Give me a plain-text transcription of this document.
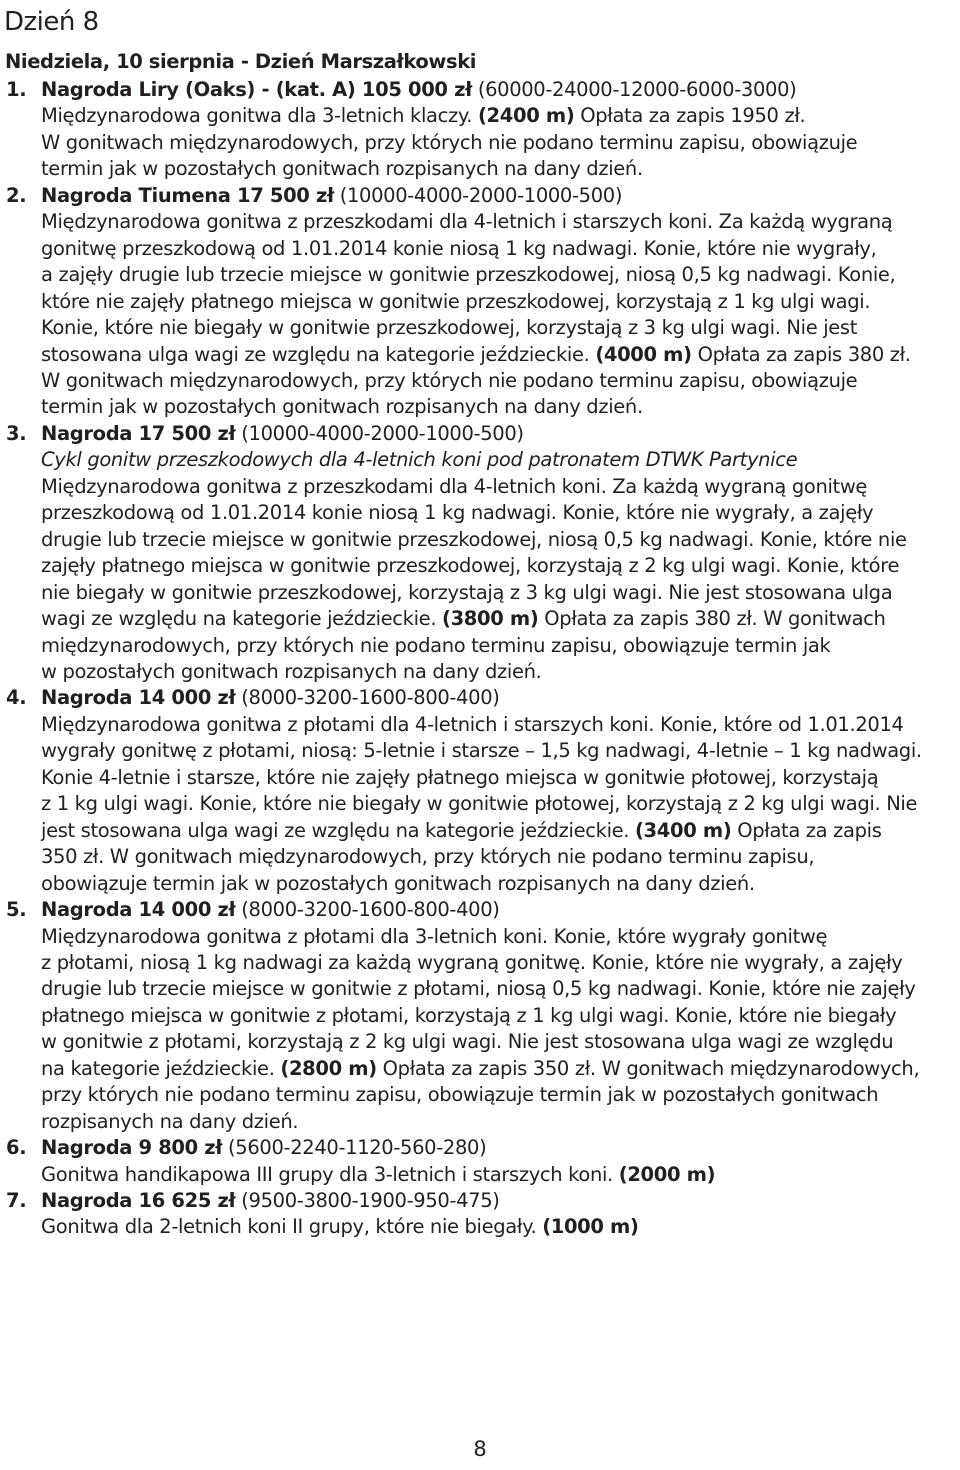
Dzień 8
Niedziela, 10 sierpnia - Dzień Marszałkowski
1. Nagroda Liry (Oaks) - (kat. A) 105 000 zł (60000-24000-12000-6000-3000)
Międzynarodowa gonitwa dla 3-letnich klaczy. (2400 m) Opłata za zapis 1950 zł.
W gonitwach międzynarodowych, przy których nie podano terminu zapisu, obowiązuje
termin jak w pozostałych gonitwach rozpisanych na dany dzień.
2. Nagroda Tiumena 17 500 zł (10000-4000-2000-1000-500)
Międzynarodowa gonitwa z przeszkodami dla 4-letnich i starszych koni. Za każdą wygraną
gonitwę przeszkodową od 1.01.2014 konie niosą 1 kg nadwagi. Konie, które nie wygrały,
a zajęły drugie lub trzecie miejsce w gonitwie przeszkodowej, niosą 0,5 kg nadwagi. Konie,
które nie zajęły płatnego miejsca w gonitwie przeszkodowej, korzystają z 1 kg ulgi wagi.
Konie, które nie biegały w gonitwie przeszkodowej, korzystają z 3 kg ulgi wagi. Nie jest
stosowana ulga wagi ze względu na kategorie jeździeckie. (4000 m) Opłata za zapis 380 zł.
W gonitwach międzynarodowych, przy których nie podano terminu zapisu, obowiązuje
termin jak w pozostałych gonitwach rozpisanych na dany dzień.
3. Nagroda 17 500 zł (10000-4000-2000-1000-500)
Cykl gonitw przeszkodowych dla 4-letnich koni pod patronatem DTWK Partynice
Międzynarodowa gonitwa z przeszkodami dla 4-letnich koni. Za każdą wygraną gonitwę
przeszkodową od 1.01.2014 konie niosą 1 kg nadwagi. Konie, które nie wygrały, a zajęły
drugie lub trzecie miejsce w gonitwie przeszkodowej, niosą 0,5 kg nadwagi. Konie, które nie
zajęły płatnego miejsca w gonitwie przeszkodowej, korzystają z 2 kg ulgi wagi. Konie, które
nie biegały w gonitwie przeszkodowej, korzystają z 3 kg ulgi wagi. Nie jest stosowana ulga
wagi ze względu na kategorie jeździeckie. (3800 m) Opłata za zapis 380 zł. W gonitwach
międzynarodowych, przy których nie podano terminu zapisu, obowiązuje termin jak
w pozostałych gonitwach rozpisanych na dany dzień.
4. Nagroda 14 000 zł (8000-3200-1600-800-400)
Międzynarodowa gonitwa z płotami dla 4-letnich i starszych koni. Konie, które od 1.01.2014
wygrały gonitwę z płotami, niosą: 5-letnie i starsze – 1,5 kg nadwagi, 4-letnie – 1 kg nadwagi.
Konie 4-letnie i starsze, które nie zajęły płatnego miejsca w gonitwie płotowej, korzystają
z 1 kg ulgi wagi. Konie, które nie biegały w gonitwie płotowej, korzystają z 2 kg ulgi wagi. Nie
jest stosowana ulga wagi ze względu na kategorie jeździeckie. (3400 m) Opłata za zapis
350 zł. W gonitwach międzynarodowych, przy których nie podano terminu zapisu,
obowiązuje termin jak w pozostałych gonitwach rozpisanych na dany dzień.
5. Nagroda 14 000 zł (8000-3200-1600-800-400)
Międzynarodowa gonitwa z płotami dla 3-letnich koni. Konie, które wygrały gonitwę
z płotami, niosą 1 kg nadwagi za każdą wygraną gonitwę. Konie, które nie wygrały, a zajęły
drugie lub trzecie miejsce w gonitwie z płotami, niosą 0,5 kg nadwagi. Konie, które nie zajęły
płatnego miejsca w gonitwie z płotami, korzystają z 1 kg ulgi wagi. Konie, które nie biegały
w gonitwie z płotami, korzystają z 2 kg ulgi wagi. Nie jest stosowana ulga wagi ze względu
na kategorie jeździeckie. (2800 m) Opłata za zapis 350 zł. W gonitwach międzynarodowych,
przy których nie podano terminu zapisu, obowiązuje termin jak w pozostałych gonitwach
rozpisanych na dany dzień.
6. Nagroda 9 800 zł (5600-2240-1120-560-280)
Gonitwa handikapowa III grupy dla 3-letnich i starszych koni. (2000 m)
7. Nagroda 16 625 zł (9500-3800-1900-950-475)
Gonitwa dla 2-letnich koni II grupy, które nie biegały. (1000 m)
8
